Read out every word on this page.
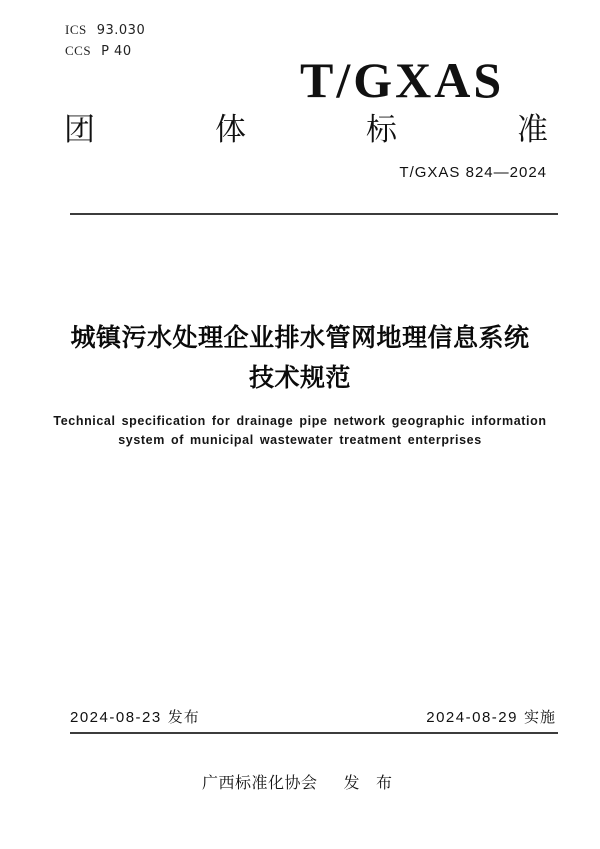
ICS 93.030
CCS P 40
T/GXAS
团	体	标	准
T/GXAS 824—2024
城镇污水处理企业排水管网地理信息系统
技术规范
Technical specification for drainage pipe network geographic information
system of municipal wastewater treatment enterprises
2024-08-23 发布	2024-08-29 实施
广西标准化协会 发 布
